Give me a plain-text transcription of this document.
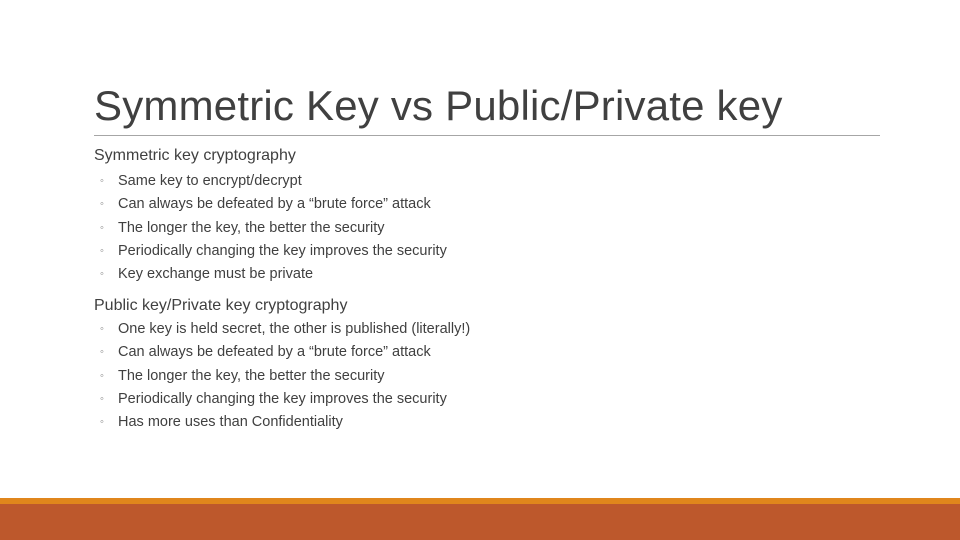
Symmetric Key vs Public/Private key
Symmetric key cryptography
◦ Same key to encrypt/decrypt
◦ Can always be defeated by a “brute force” attack
◦ The longer the key, the better the security
◦ Periodically changing the key improves the security
◦ Key exchange must be private
Public key/Private key cryptography
◦ One key is held secret, the other is published (literally!)
◦ Can always be defeated by a “brute force” attack
◦ The longer the key, the better the security
◦ Periodically changing the key improves the security
◦ Has more uses than Confidentiality
